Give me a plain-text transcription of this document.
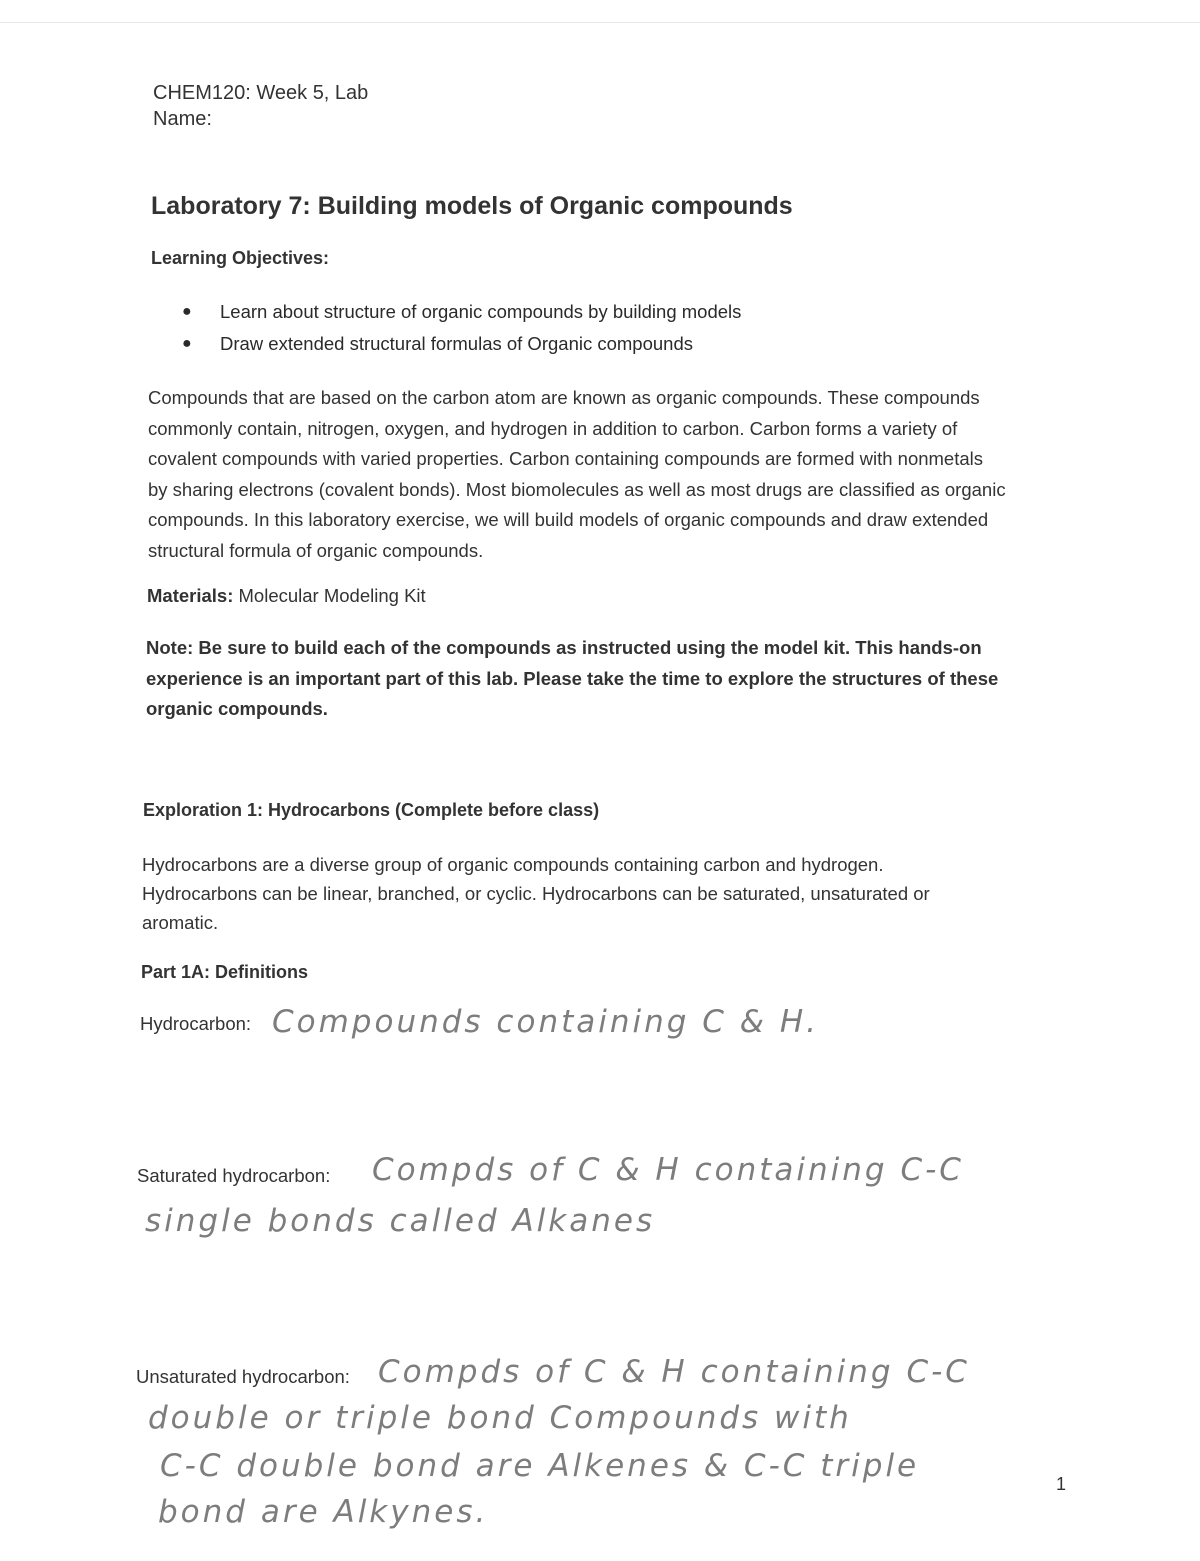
CHEM120: Week 5, Lab
Name:
Laboratory 7: Building models of Organic compounds
Learning Objectives:
● Learn about structure of organic compounds by building models
● Draw extended structural formulas of Organic compounds
Compounds that are based on the carbon atom are known as organic compounds. These compounds
commonly contain, nitrogen, oxygen, and hydrogen in addition to carbon. Carbon forms a variety of
covalent compounds with varied properties. Carbon containing compounds are formed with nonmetals
by sharing electrons (covalent bonds). Most biomolecules as well as most drugs are classified as organic
compounds. In this laboratory exercise, we will build models of organic compounds and draw extended
structural formula of organic compounds.
Materials: Molecular Modeling Kit
Note: Be sure to build each of the compounds as instructed using the model kit. This hands-on
experience is an important part of this lab. Please take the time to explore the structures of these
organic compounds.
Exploration 1: Hydrocarbons (Complete before class)
Hydrocarbons are a diverse group of organic compounds containing carbon and hydrogen.
Hydrocarbons can be linear, branched, or cyclic. Hydrocarbons can be saturated, unsaturated or
aromatic.
Part 1A: Definitions
Hydrocarbon: Compounds containing C & H.
Saturated hydrocarbon: Compds of C & H containing C-C
single bonds called Alkanes
Unsaturated hydrocarbon: Compds of C & H containing C-C
double or triple bond Compounds with
C-C double bond are Alkenes & C-C triple
bond are Alkynes.
1
